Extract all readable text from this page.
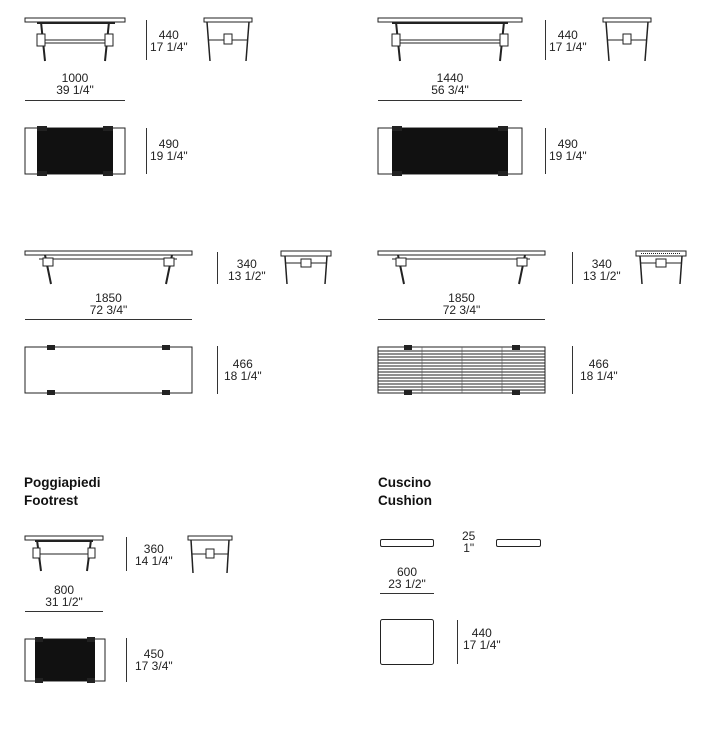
440
17 1/4"
1000
39 1/4"
490
19 1/4"
440
17 1/4"
1440
56 3/4"
490
19 1/4"
340
13 1/2"
1850
72 3/4"
466
18 1/4"
340
13 1/2"
1850
72 3/4"
466
18 1/4"
Poggiapiedi
Footrest
360
14 1/4"
800
31 1/2"
450
17 3/4"
Cuscino
Cushion
25
1"
600
23 1/2"
440
17 1/4"
